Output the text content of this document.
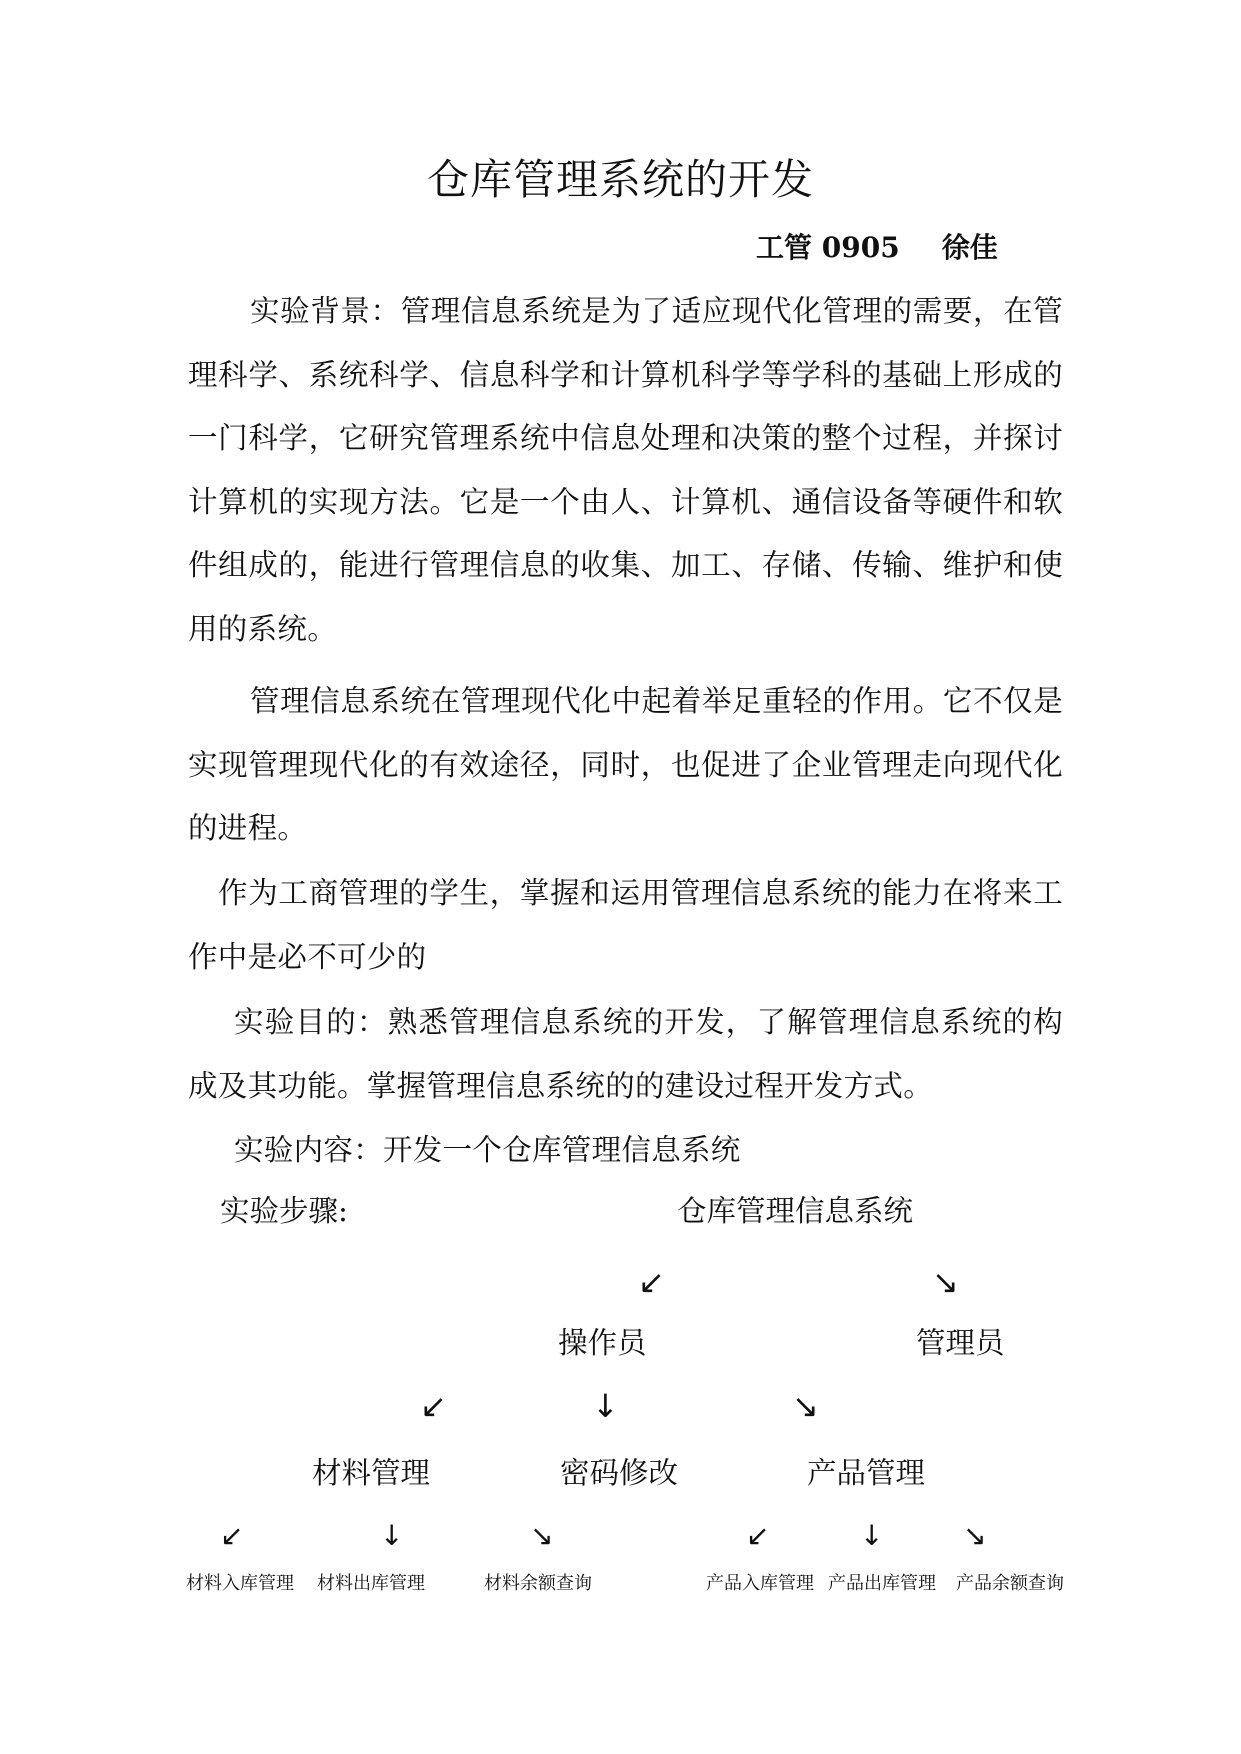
仓库管理系统的开发
工管 0905 徐佳

实验背景：管理信息系统是为了适应现代化管理的需要，在管理科学、系统科学、信息科学和计算机科学等学科的基础上形成的一门科学，它研究管理系统中信息处理和决策的整个过程，并探讨计算机的实现方法。它是一个由人、计算机、通信设备等硬件和软件组成的，能进行管理信息的收集、加工、存储、传输、维护和使用的系统。

管理信息系统在管理现代化中起着举足重轻的作用。它不仅是实现管理现代化的有效途径，同时，也促进了企业管理走向现代化的进程。

作为工商管理的学生，掌握和运用管理信息系统的能力在将来工作中是必不可少的

实验目的：熟悉管理信息系统的开发，了解管理信息系统的构成及其功能。掌握管理信息系统的的建设过程开发方式。

实验内容：开发一个仓库管理信息系统

实验步骤:	仓库管理信息系统
↙	↘
操作员	管理员
↙	↓	↘
材料管理	密码修改	产品管理
↙	↓	↘	↙	↓	↘
材料入库管理 材料出库管理	材料余额查询	产品入库管理 产品出库管理 产品余额查询
